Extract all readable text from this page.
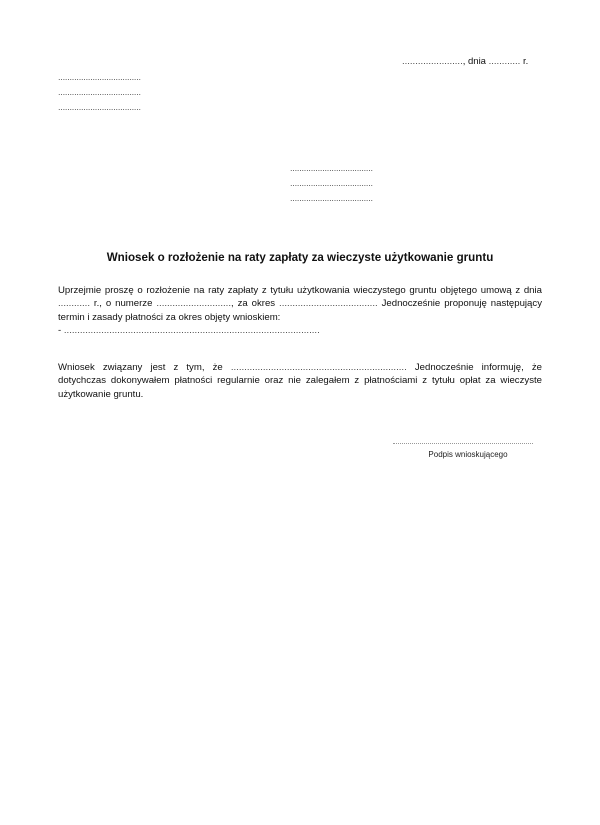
......................., dnia ............ r.
....................................
....................................
....................................
....................................
....................................
....................................
Wniosek o rozłożenie na raty zapłaty za wieczyste użytkowanie gruntu

Uprzejmie proszę o rozłożenie na raty zapłaty z tytułu użytkowania wieczystego gruntu objętego umową z dnia ............ r., o numerze ............................, za okres ..................................... Jednocześnie proponuję następujący termin i zasady płatności za okres objęty wnioskiem:

- ................................................................................................

Wniosek związany jest z tym, że .................................................................. Jednocześnie informuję, że dotychczas dokonywałem płatności regularnie oraz nie zalegałem z płatnościami z tytułu opłat za wieczyste użytkowanie gruntu.

Podpis wnioskującego
